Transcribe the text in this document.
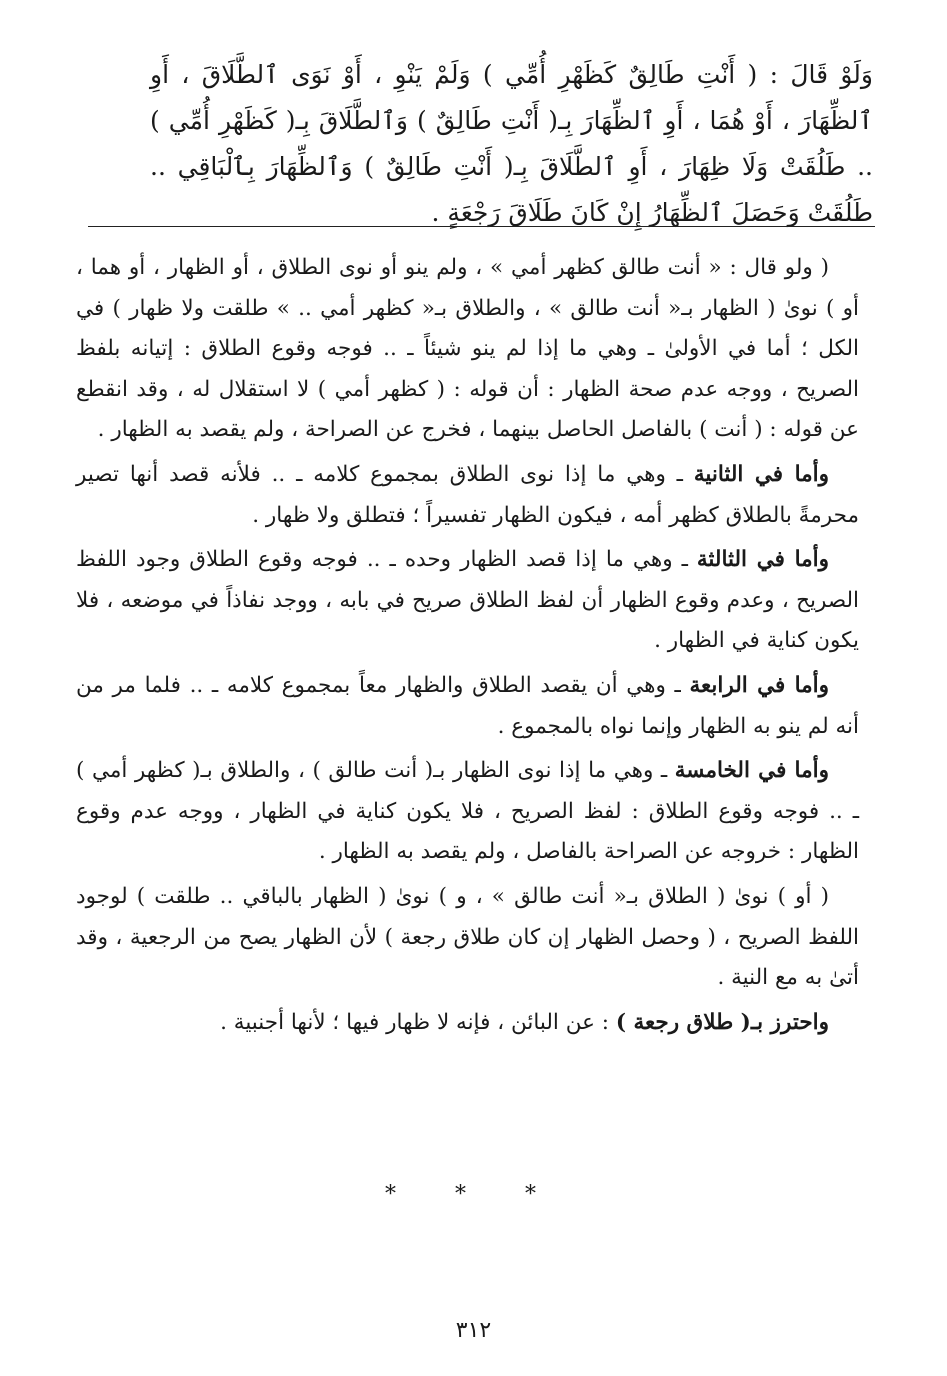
وَلَوْ قَالَ : ( أَنْتِ طَالِقٌ كَظَهْرِ أُمِّي ) وَلَمْ يَنْوِ ، أَوْ نَوَى ٱلطَّلَاقَ ، أَوِ ٱلظِّهَارَ ، أَوْ هُمَا ، أَوِ ٱلظِّهَارَ بِـ( أَنْتِ طَالِقٌ ) وَٱلطَّلَاقَ بِـ( كَظَهْرِ أُمِّي ) .. طَلُقَتْ وَلَا ظِهَارَ ، أَوِ ٱلطَّلَاقَ بِـ( أَنْتِ طَالِقٌ ) وَٱلظِّهَارَ بِٱلْبَاقِي .. طَلُقَتْ وَحَصَلَ ٱلظِّهَارُ إِنْ كَانَ طَلَاقَ رَجْعَةٍ .

( ولو قال : « أنت طالق كظهر أمي » ، ولم ينو أو نوى الطلاق ، أو الظهار ، أو هما ، أو ) نوىٰ ( الظهار بـ« أنت طالق » ، والطلاق بـ« كظهر أمي .. » طلقت ولا ظهار ) في الكل ؛ أما في الأولىٰ ـ وهي ما إذا لم ينو شيئاً ـ .. فوجه وقوع الطلاق : إتيانه بلفظ الصريح ، ووجه عدم صحة الظهار : أن قوله : ( كظهر أمي ) لا استقلال له ، وقد انقطع عن قوله : ( أنت ) بالفاصل الحاصل بينهما ، فخرج عن الصراحة ، ولم يقصد به الظهار .

وأما في الثانية ـ وهي ما إذا نوى الطلاق بمجموع كلامه ـ .. فلأنه قصد أنها تصير محرمةً بالطلاق كظهر أمه ، فيكون الظهار تفسيراً ؛ فتطلق ولا ظهار .

وأما في الثالثة ـ وهي ما إذا قصد الظهار وحده ـ .. فوجه وقوع الطلاق وجود اللفظ الصريح ، وعدم وقوع الظهار أن لفظ الطلاق صريح في بابه ، ووجد نفاذاً في موضعه ، فلا يكون كناية في الظهار .

وأما في الرابعة ـ وهي أن يقصد الطلاق والظهار معاً بمجموع كلامه ـ .. فلما مر من أنه لم ينو به الظهار وإنما نواه بالمجموع .

وأما في الخامسة ـ وهي ما إذا نوى الظهار بـ( أنت طالق ) ، والطلاق بـ( كظهر أمي ) ـ .. فوجه وقوع الطلاق : لفظ الصريح ، فلا يكون كناية في الظهار ، ووجه عدم وقوع الظهار : خروجه عن الصراحة بالفاصل ، ولم يقصد به الظهار .

( أو ) نوىٰ ( الطلاق بـ« أنت طالق » ، و ) نوىٰ ( الظهار بالباقي .. طلقت ) لوجود اللفظ الصريح ، ( وحصل الظهار إن كان طلاق رجعة ) لأن الظهار يصح من الرجعية ، وقد أتىٰ به مع النية .

واحترز بـ( طلاق رجعة ) : عن البائن ، فإنه لا ظهار فيها ؛ لأنها أجنبية .

* * *
٣١٢
